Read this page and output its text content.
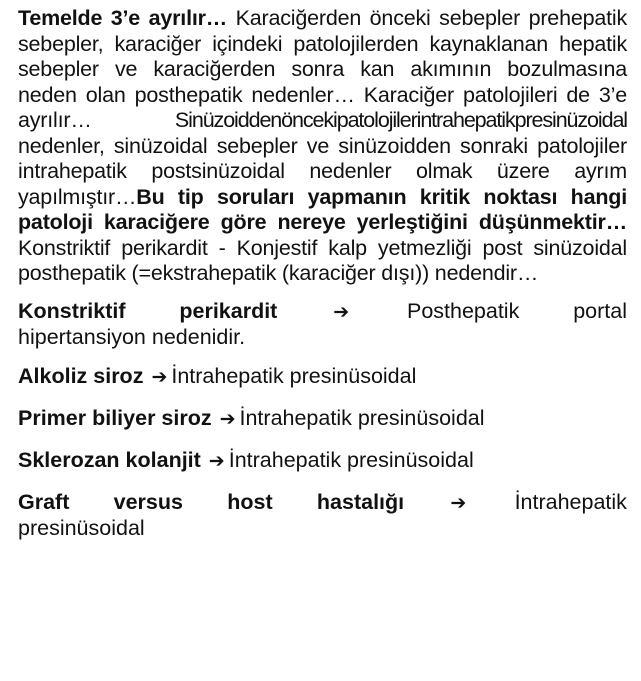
Temelde 3’e ayrılır… Karaciğerden önceki sebepler prehepatik sebepler, karaciğer içindeki patolojilerden kaynaklanan hepatik sebepler ve karaciğerden sonra kan akımının bozulmasına neden olan posthepatik nedenler… Karaciğer patolojileri de 3’e ayrılır… Sinüzoiddenöncekipatolojilerintrahepatikpresinüzoidal nedenler, sinüzoidal sebepler ve sinüzoidden sonraki patolojiler intrahepatik postsinüzoidal nedenler olmak üzere ayrım yapılmıştır…Bu tip soruları yapmanın kritik noktası hangi patoloji karaciğere göre nereye yerleştiğini düşünmektir… Konstriktif perikardit - Konjestif kalp yetmezliği post sinüzoidal posthepatik (=ekstrahepatik (karaciğer dışı)) nedendir…

Konstriktif	perikardit	➔	Posthepatik	portal
hipertansiyon nedenidir.

Alkoliz siroz ➔ İntrahepatik presinüsoidal

Primer biliyer siroz ➔ İntrahepatik presinüsoidal

Sklerozan kolanjit ➔ İntrahepatik presinüsoidal

Graft versus host hastalığı ➔ İntrahepatik
presinüsoidal
